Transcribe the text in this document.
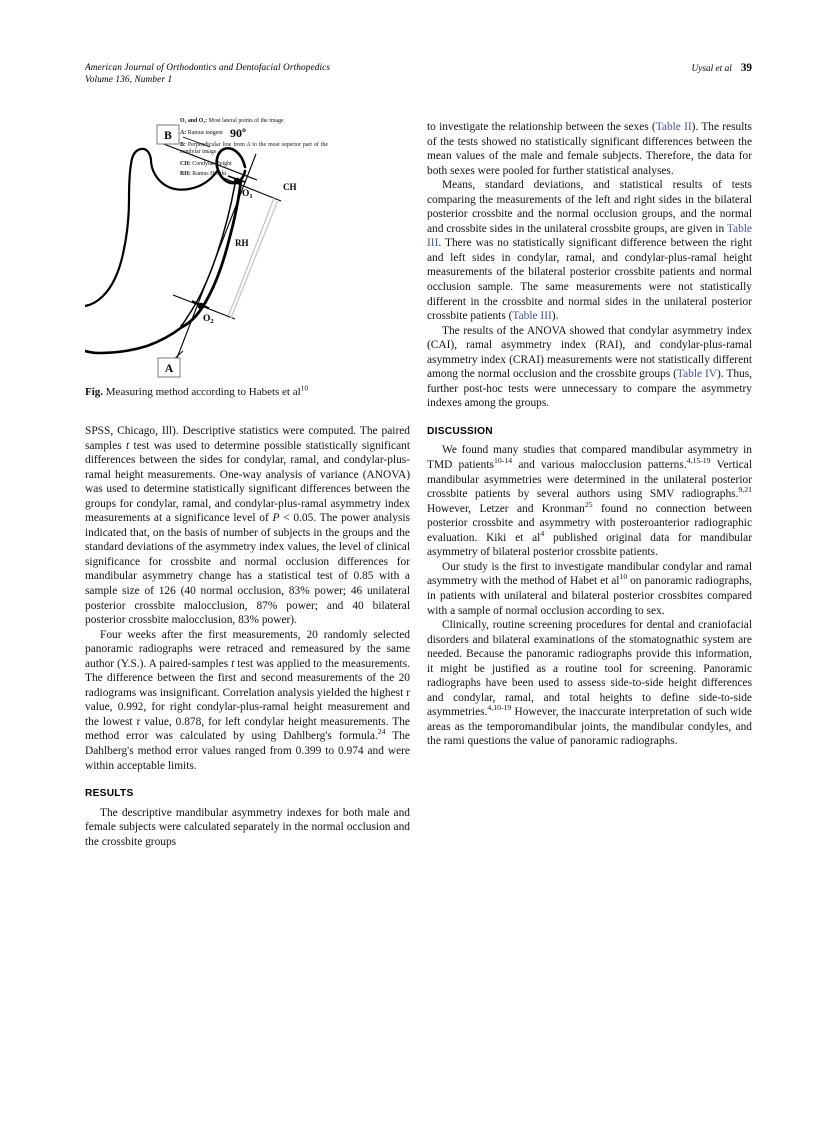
American Journal of Orthodontics and Dentofacial Orthopedics
Volume 136, Number 1
Uysal et al 39
B
A
90º
CH
RH
$O_1$
$O_2$

O₁ and O₂: Most lateral points of the image

A: Ramus tangent

B: Perpendicular line from A to the most superior part of the condylar image

CH: Condylar Height

RH: Ramus Height

Fig. Measuring method according to Habets et $al^{10}$

SPSS, Chicago, Ill). Descriptive statistics were computed. The paired samples t test was used to determine possible statistically significant differences between the sides for condylar, ramal, and condylar-plus-ramal height measurements. One-way analysis of variance (ANOVA) was used to determine statistically significant differences between the groups for condylar, ramal, and condylar-plus-ramal asymmetry index measurements at a significance level of P < 0.05. The power analysis indicated that, on the basis of number of subjects in the groups and the standard deviations of the asymmetry index values, the level of clinical significance for crossbite and normal occlusion differences for mandibular asymmetry change has a statistical test of 0.85 with a sample size of 126 (40 normal occlusion, 83% power; 46 unilateral posterior crossbite malocclusion, 87% power; and 40 bilateral posterior crossbite malocclusion, 83% power).

Four weeks after the first measurements, 20 randomly selected panoramic radiographs were retraced and remeasured by the same author (Y.S.). A paired-samples t test was applied to the measurements. The difference between the first and second measurements of the 20 radiograms was insignificant. Correlation analysis yielded the highest r value, 0.992, for right condylar-plus-ramal height measurement and the lowest r value, 0.878, for left condylar height measurements. The method error was calculated by using Dahlberg's formula.$^{24}$ The Dahlberg's method error values ranged from 0.399 to 0.974 and were within acceptable limits.

RESULTS

The descriptive mandibular asymmetry indexes for both male and female subjects were calculated separately in the normal occlusion and the crossbite groups

to investigate the relationship between the sexes (Table II). The results of the tests showed no statistically significant differences between the mean values of the male and female subjects. Therefore, the data for both sexes were pooled for further statistical analyses.

Means, standard deviations, and statistical results of tests comparing the measurements of the left and right sides in the bilateral posterior crossbite and the normal occlusion groups, and the normal and crossbite sides in the unilateral crossbite groups, are given in Table III. There was no statistically significant difference between the right and left sides in condylar, ramal, and condylar-plus-ramal height measurements of the bilateral posterior crossbite patients and normal occlusion sample. The same measurements were not statistically different in the crossbite and normal sides in the unilateral posterior crossbite patients (Table III).

The results of the ANOVA showed that condylar asymmetry index (CAI), ramal asymmetry index (RAI), and condylar-plus-ramal asymmetry index (CRAI) measurements were not statistically different among the normal occlusion and the crossbite groups (Table IV). Thus, further post-hoc tests were unnecessary to compare the asymmetry indexes among the groups.

DISCUSSION

We found many studies that compared mandibular asymmetry in TMD patients$^{10-14}$ and various malocclusion patterns.$^{4,15-19}$ Vertical mandibular asymmetries were determined in the unilateral posterior crossbite patients by several authors using SMV radiographs.$^{9,21}$ However, Letzer and Kronman$^{25}$ found no connection between posterior crossbite and asymmetry with posteroanterior radiographic evaluation. Kiki et $al^4$ published original data for mandibular asymmetry of bilateral posterior crossbite patients.

Our study is the first to investigate mandibular condylar and ramal asymmetry with the method of Habet et $al^{10}$ on panoramic radiographs, in patients with unilateral and bilateral posterior crossbites compared with a sample of normal occlusion according to sex.

Clinically, routine screening procedures for dental and craniofacial disorders and bilateral examinations of the stomatognathic system are needed. Because the panoramic radiographs provide this information, it might be justified as a routine tool for screening. Panoramic radiographs have been used to assess side-to-side height differences and condylar, ramal, and total heights to define side-to-side asymmetries.$^{4,10-19}$ However, the inaccurate interpretation of such wide areas as the temporomandibular joints, the mandibular condyles, and the rami questions the value of panoramic radiographs.
